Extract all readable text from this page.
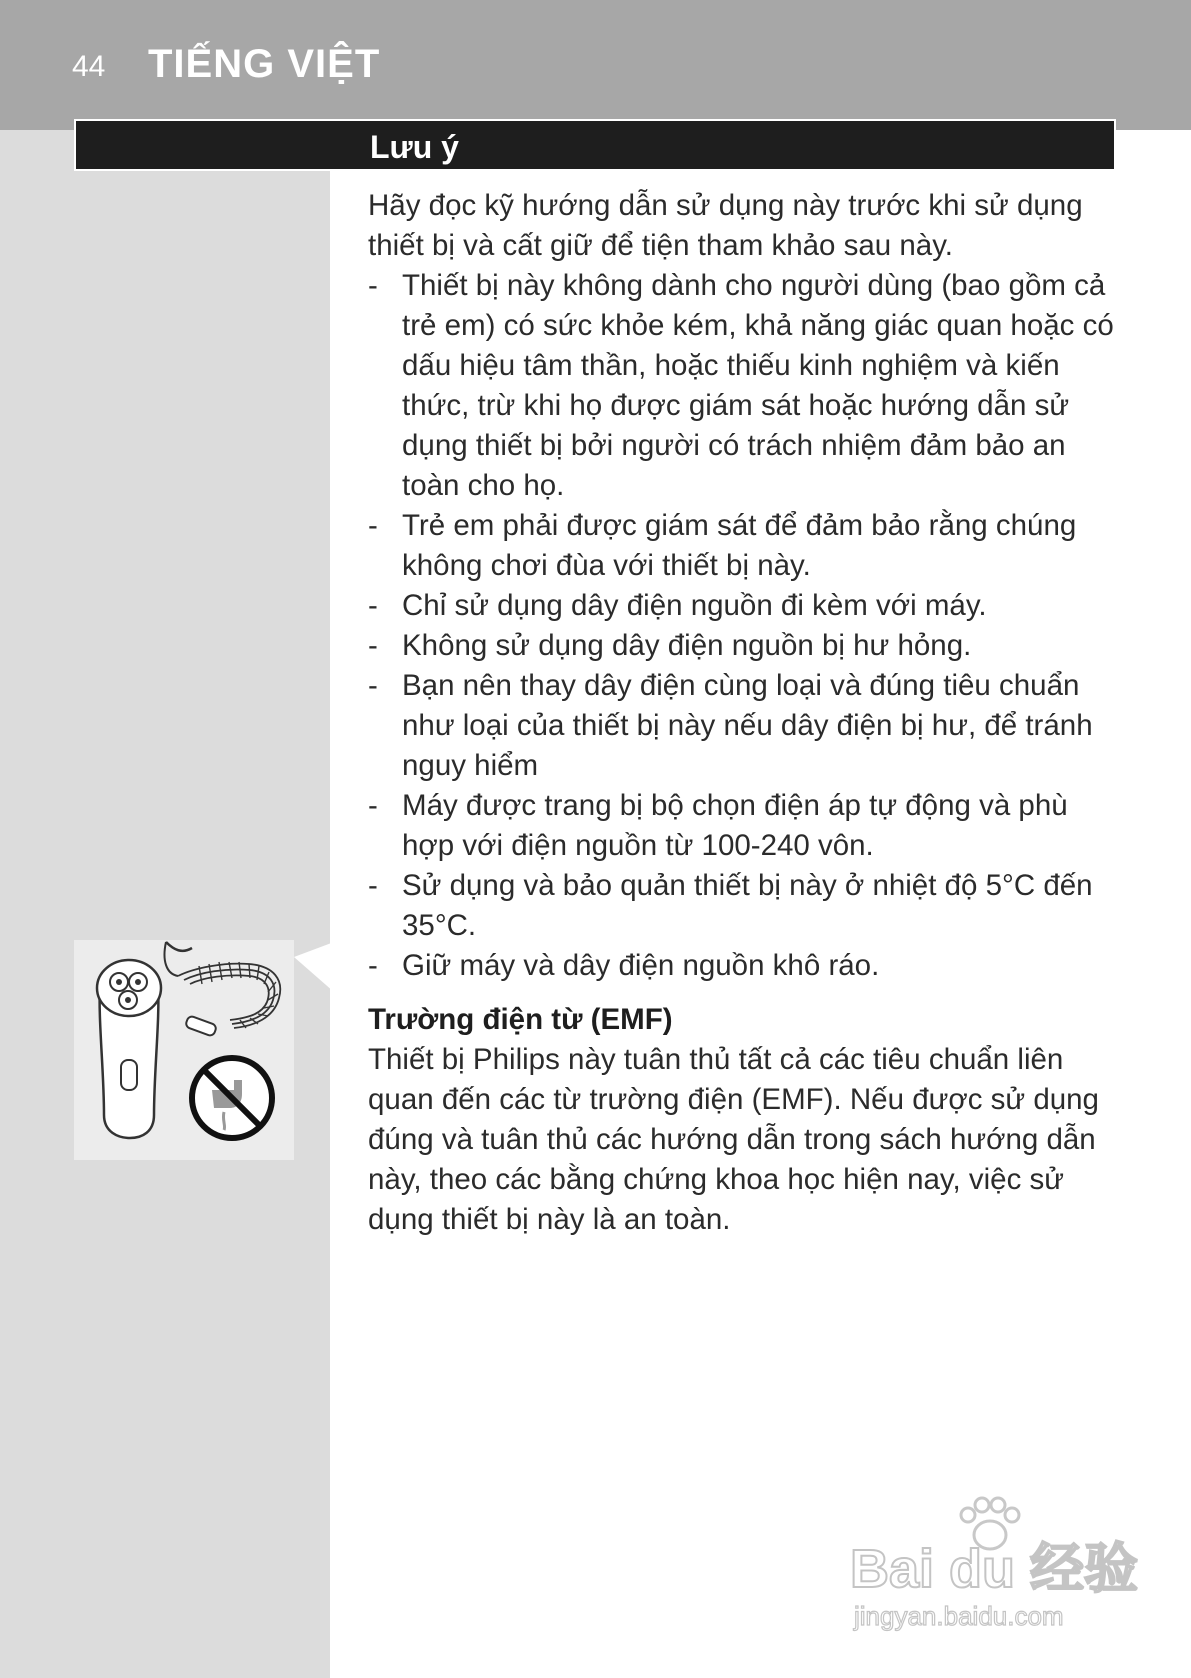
44 TIẾNG VIỆT
Lưu ý

Hãy đọc kỹ hướng dẫn sử dụng này trước khi sử dụng thiết bị và cất giữ để tiện tham khảo sau này.

- Thiết bị này không dành cho người dùng (bao gồm cả trẻ em) có sức khỏe kém, khả năng giác quan hoặc có dấu hiệu tâm thần, hoặc thiếu kinh nghiệm và kiến thức, trừ khi họ được giám sát hoặc hướng dẫn sử dụng thiết bị bởi người có trách nhiệm đảm bảo an toàn cho họ.
- Trẻ em phải được giám sát để đảm bảo rằng chúng không chơi đùa với thiết bị này.
- Chỉ sử dụng dây điện nguồn đi kèm với máy.
- Không sử dụng dây điện nguồn bị hư hỏng.
- Bạn nên thay dây điện cùng loại và đúng tiêu chuẩn như loại của thiết bị này nếu dây điện bị hư, để tránh nguy hiểm
- Máy được trang bị bộ chọn điện áp tự động và phù hợp với điện nguồn từ 100-240 vôn.
- Sử dụng và bảo quản thiết bị này ở nhiệt độ 5°C đến 35°C.
- Giữ máy và dây điện nguồn khô ráo.

Trường điện từ (EMF)

Thiết bị Philips này tuân thủ tất cả các tiêu chuẩn liên quan đến các từ trường điện (EMF). Nếu được sử dụng đúng và tuân thủ các hướng dẫn trong sách hướng dẫn này, theo các bằng chứng khoa học hiện nay, việc sử dụng thiết bị này là an toàn.

Bai du 经验
jingyan.baidu.com
